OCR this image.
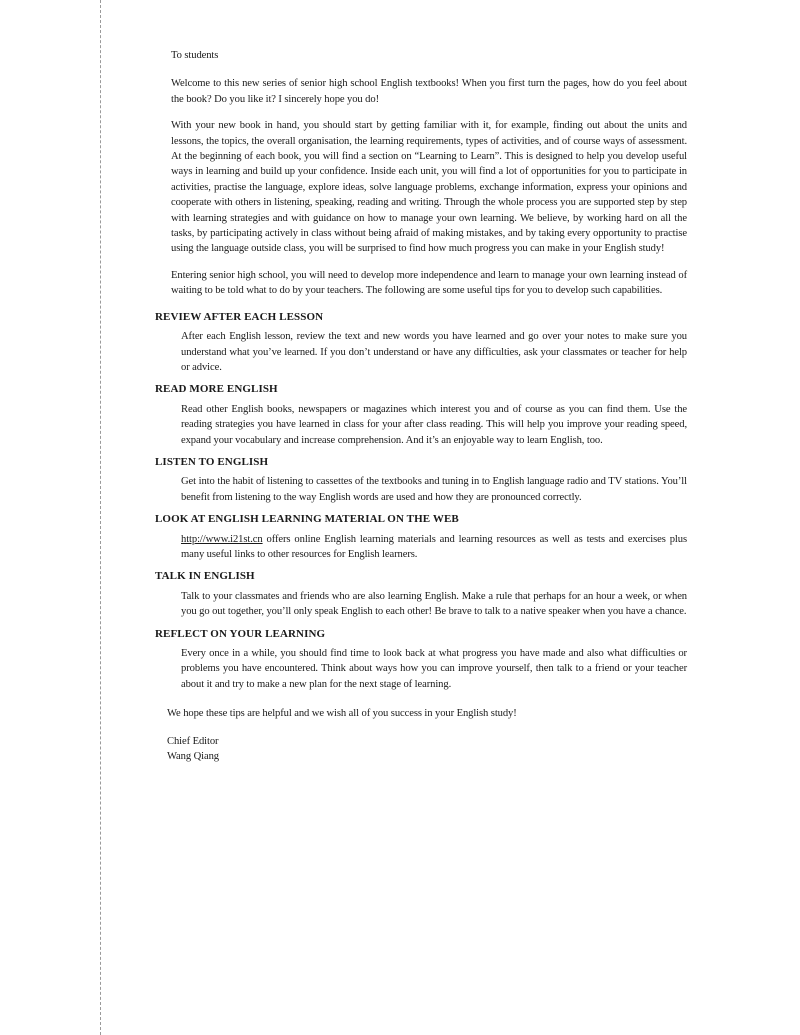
To students

Welcome to this new series of senior high school English textbooks! When you first turn the pages, how do you feel about the book? Do you like it? I sincerely hope you do!

With your new book in hand, you should start by getting familiar with it, for example, finding out about the units and lessons, the topics, the overall organisation, the learning requirements, types of activities, and of course ways of assessment. At the beginning of each book, you will find a section on “Learning to Learn”. This is designed to help you develop useful ways in learning and build up your confidence. Inside each unit, you will find a lot of opportunities for you to participate in activities, practise the language, explore ideas, solve language problems, exchange information, express your opinions and cooperate with others in listening, speaking, reading and writing. Through the whole process you are supported step by step with learning strategies and with guidance on how to manage your own learning. We believe, by working hard on all the tasks, by participating actively in class without being afraid of making mistakes, and by taking every opportunity to practise using the language outside class, you will be surprised to find how much progress you can make in your English study!

Entering senior high school, you will need to develop more independence and learn to manage your own learning instead of waiting to be told what to do by your teachers. The following are some useful tips for you to develop such capabilities.

REVIEW AFTER EACH LESSON
After each English lesson, review the text and new words you have learned and go over your notes to make sure you understand what you’ve learned. If you don’t understand or have any difficulties, ask your classmates or teacher for help or advice.
READ MORE ENGLISH
Read other English books, newspapers or magazines which interest you and of course as you can find them. Use the reading strategies you have learned in class for your after class reading. This will help you improve your reading speed, expand your vocabulary and increase comprehension. And it’s an enjoyable way to learn English, too.
LISTEN TO ENGLISH
Get into the habit of listening to cassettes of the textbooks and tuning in to English language radio and TV stations. You’ll benefit from listening to the way English words are used and how they are pronounced correctly.
LOOK AT ENGLISH LEARNING MATERIAL ON THE WEB
http://www.i21st.cn offers online English learning materials and learning resources as well as tests and exercises plus many useful links to other resources for English learners.
TALK IN ENGLISH
Talk to your classmates and friends who are also learning English. Make a rule that perhaps for an hour a week, or when you go out together, you’ll only speak English to each other! Be brave to talk to a native speaker when you have a chance.
REFLECT ON YOUR LEARNING
Every once in a while, you should find time to look back at what progress you have made and also what difficulties or problems you have encountered. Think about ways how you can improve yourself, then talk to a friend or your teacher about it and try to make a new plan for the next stage of learning.

We hope these tips are helpful and we wish all of you success in your English study!

Chief Editor
Wang Qiang
